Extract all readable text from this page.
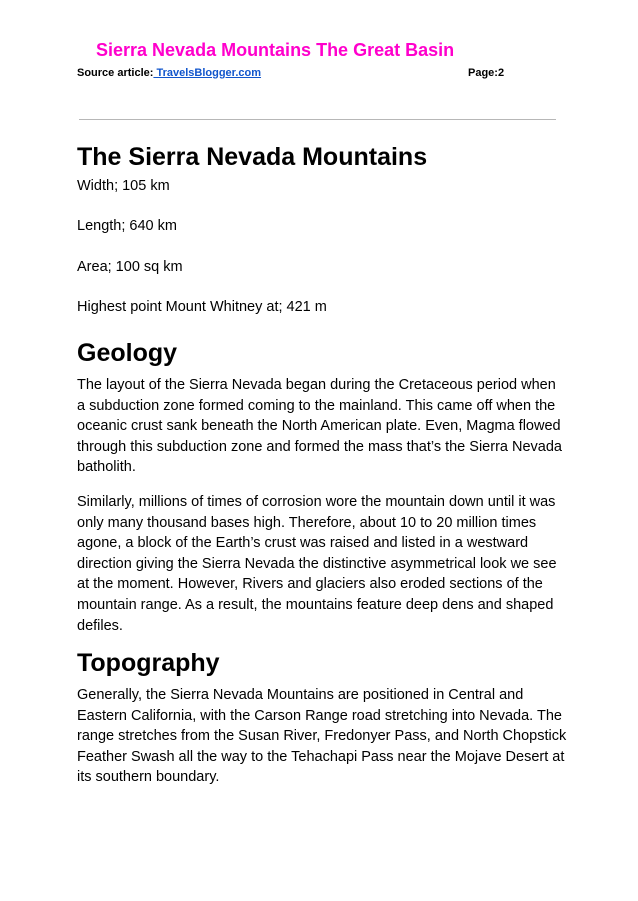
Sierra Nevada Mountains The Great Basin
Source article: TravelsBlogger.com	Page:2
The Sierra Nevada Mountains
Width; 105 km
Length; 640 km
Area; 100 sq km
Highest point Mount Whitney at; 421 m
Geology

The layout of the Sierra Nevada began during the Cretaceous period when a subduction zone formed coming to the mainland. This came off when the oceanic crust sank beneath the North American plate. Even, Magma flowed through this subduction zone and formed the mass that’s the Sierra Nevada batholith.

Similarly, millions of times of corrosion wore the mountain down until it was only many thousand bases high. Therefore, about 10 to 20 million times agone, a block of the Earth’s crust was raised and listed in a westward direction giving the Sierra Nevada the distinctive asymmetrical look we see at the moment. However, Rivers and glaciers also eroded sections of the mountain range. As a result, the mountains feature deep dens and shaped defiles.

Topography

Generally, the Sierra Nevada Mountains are positioned in Central and Eastern California, with the Carson Range road stretching into Nevada. The range stretches from the Susan River, Fredonyer Pass, and North Chopstick Feather Swash all the way to the Tehachapi Pass near the Mojave Desert at its southern boundary.
